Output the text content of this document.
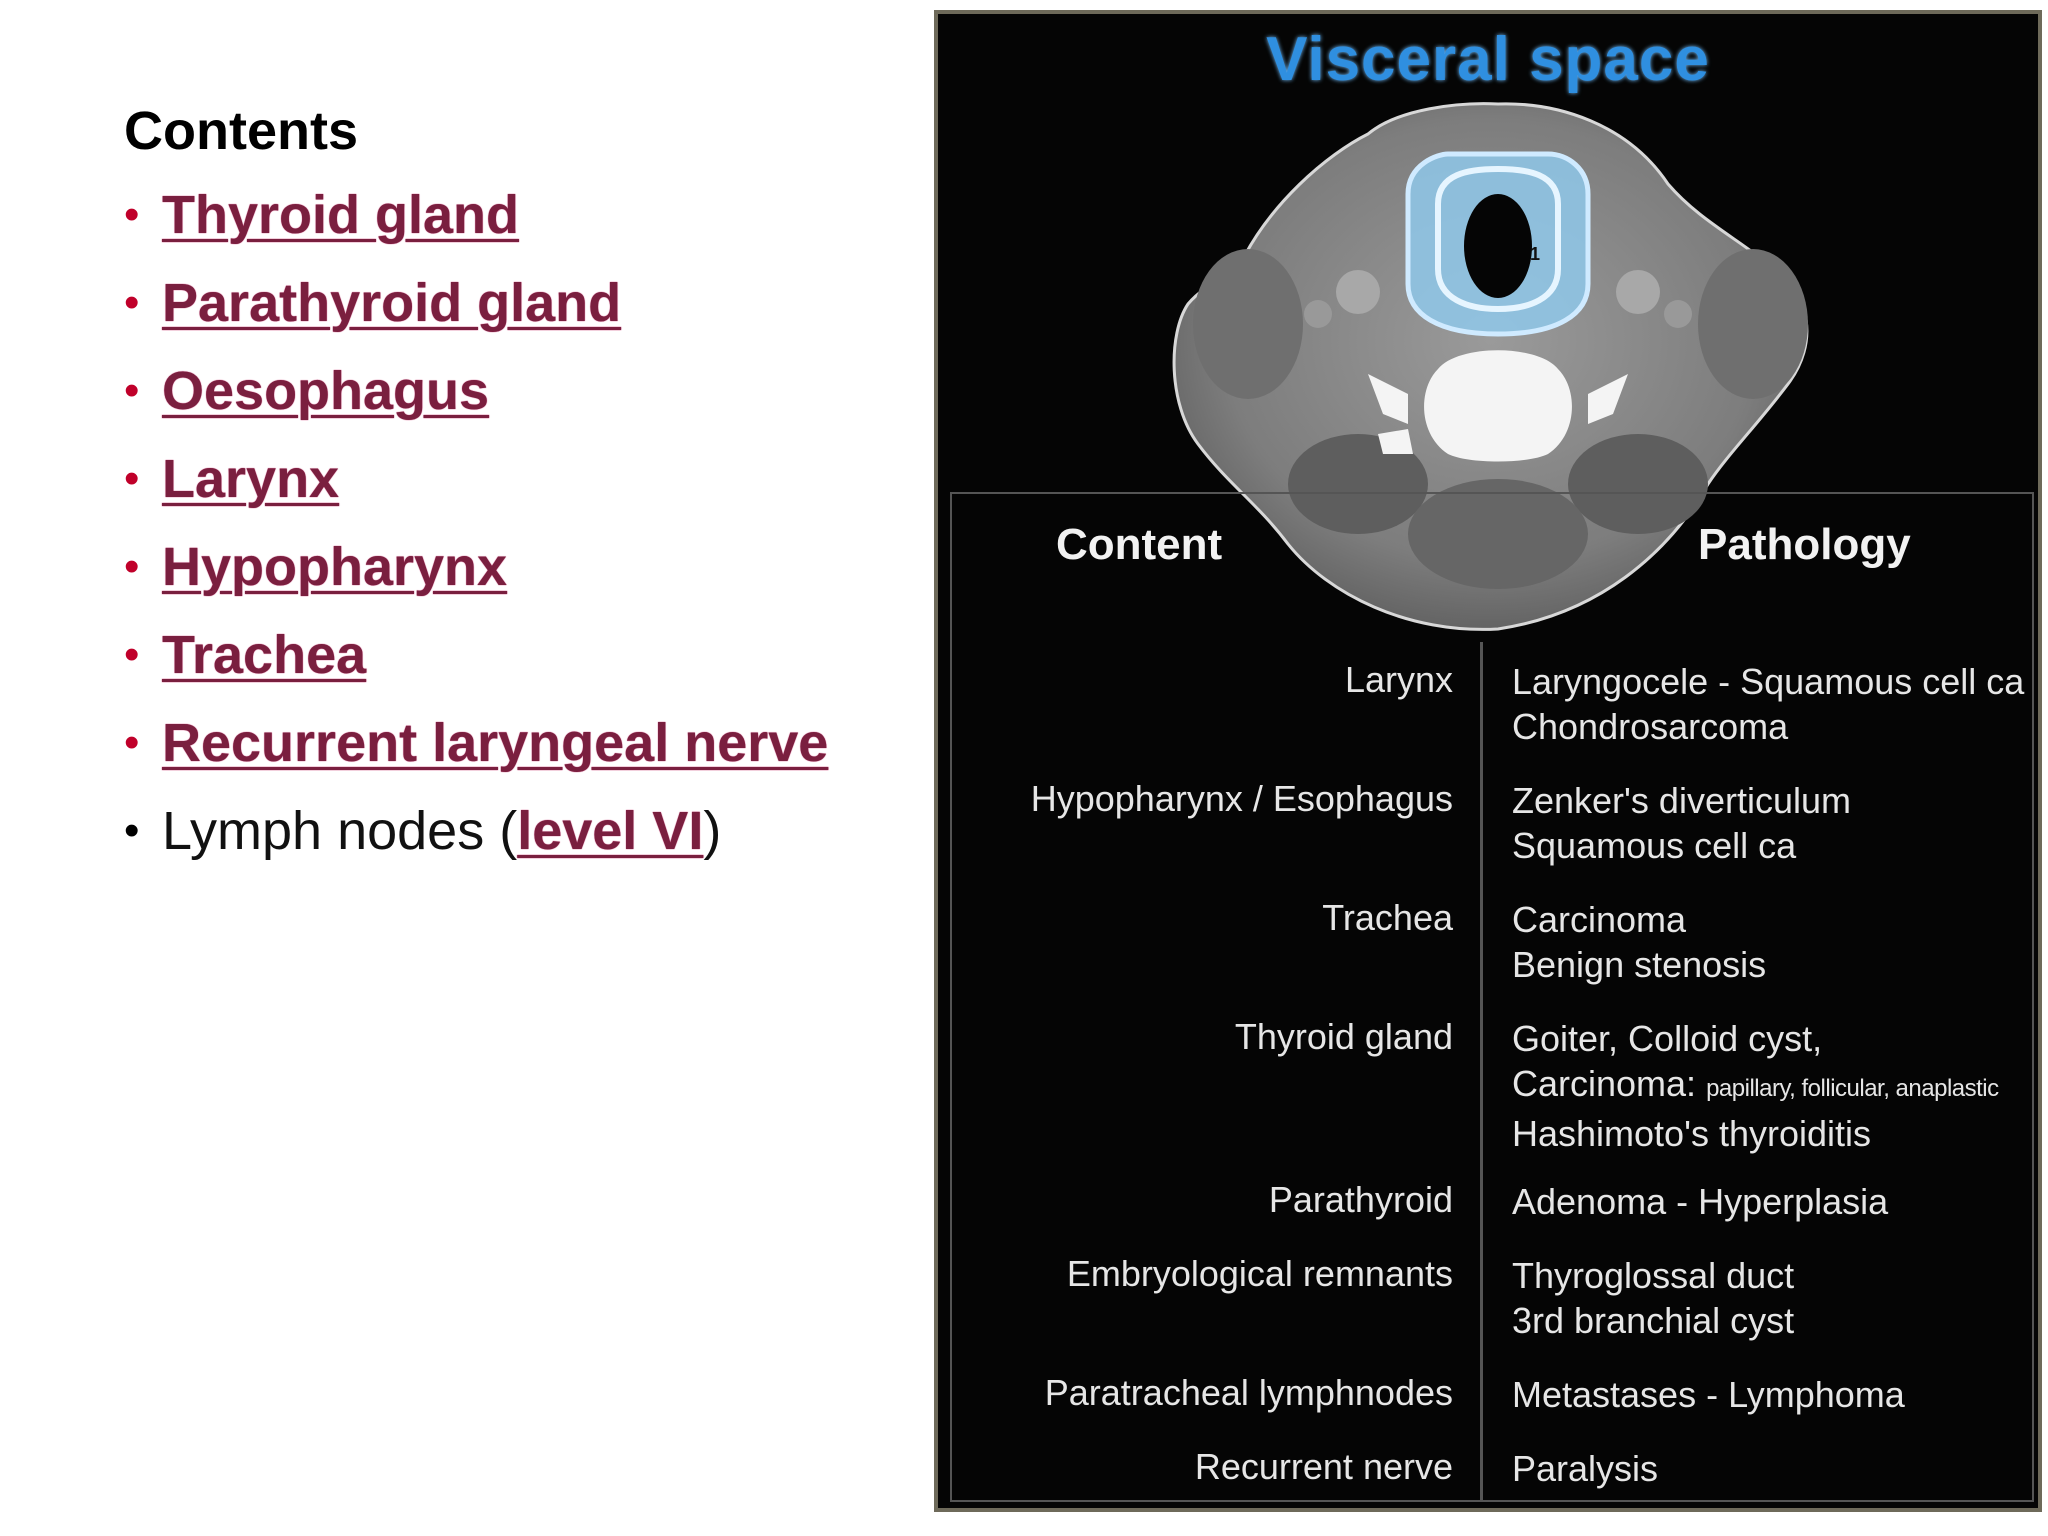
Contents
• Thyroid gland
• Parathyroid gland
• Oesophagus
• Larynx
• Hypopharynx
• Trachea
• Recurrent laryngeal nerve
• Lymph nodes (level VI)
1
Visceral space
Content	Pathology
Larynx Laryngocele - Squamous cell ca
Chondrosarcoma
Hypopharynx / Esophagus Zenker's diverticulum
Squamous cell ca
Trachea Carcinoma
Benign stenosis
Thyroid gland Goiter, Colloid cyst,
Carcinoma: papillary, follicular, anaplastic
Hashimoto's thyroiditis
Parathyroid Adenoma - Hyperplasia
Embryological remnants Thyroglossal duct
3rd branchial cyst
Paratracheal lymphnodes Metastases - Lymphoma
Recurrent nerve Paralysis
